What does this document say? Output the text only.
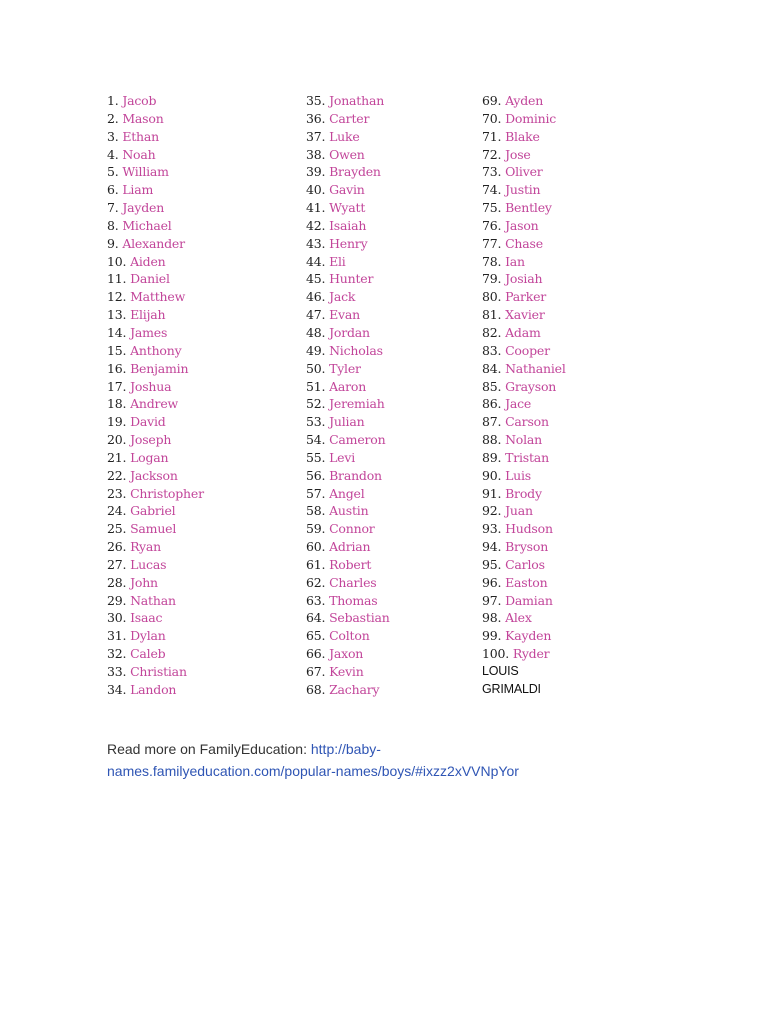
1. Jacob
2. Mason
3. Ethan
4. Noah
5. William
6. Liam
7. Jayden
8. Michael
9. Alexander
10. Aiden
11. Daniel
12. Matthew
13. Elijah
14. James
15. Anthony
16. Benjamin
17. Joshua
18. Andrew
19. David
20. Joseph
21. Logan
22. Jackson
23. Christopher
24. Gabriel
25. Samuel
26. Ryan
27. Lucas
28. John
29. Nathan
30. Isaac
31. Dylan
32. Caleb
33. Christian
34. Landon
35. Jonathan
36. Carter
37. Luke
38. Owen
39. Brayden
40. Gavin
41. Wyatt
42. Isaiah
43. Henry
44. Eli
45. Hunter
46. Jack
47. Evan
48. Jordan
49. Nicholas
50. Tyler
51. Aaron
52. Jeremiah
53. Julian
54. Cameron
55. Levi
56. Brandon
57. Angel
58. Austin
59. Connor
60. Adrian
61. Robert
62. Charles
63. Thomas
64. Sebastian
65. Colton
66. Jaxon
67. Kevin
68. Zachary
69. Ayden
70. Dominic
71. Blake
72. Jose
73. Oliver
74. Justin
75. Bentley
76. Jason
77. Chase
78. Ian
79. Josiah
80. Parker
81. Xavier
82. Adam
83. Cooper
84. Nathaniel
85. Grayson
86. Jace
87. Carson
88. Nolan
89. Tristan
90. Luis
91. Brody
92. Juan
93. Hudson
94. Bryson
95. Carlos
96. Easton
97. Damian
98. Alex
99. Kayden
100. Ryder
LOUIS
GRIMALDI
Read more on FamilyEducation: http://baby-
names.familyeducation.com/popular-names/boys/#ixzz2xVVNpYor
